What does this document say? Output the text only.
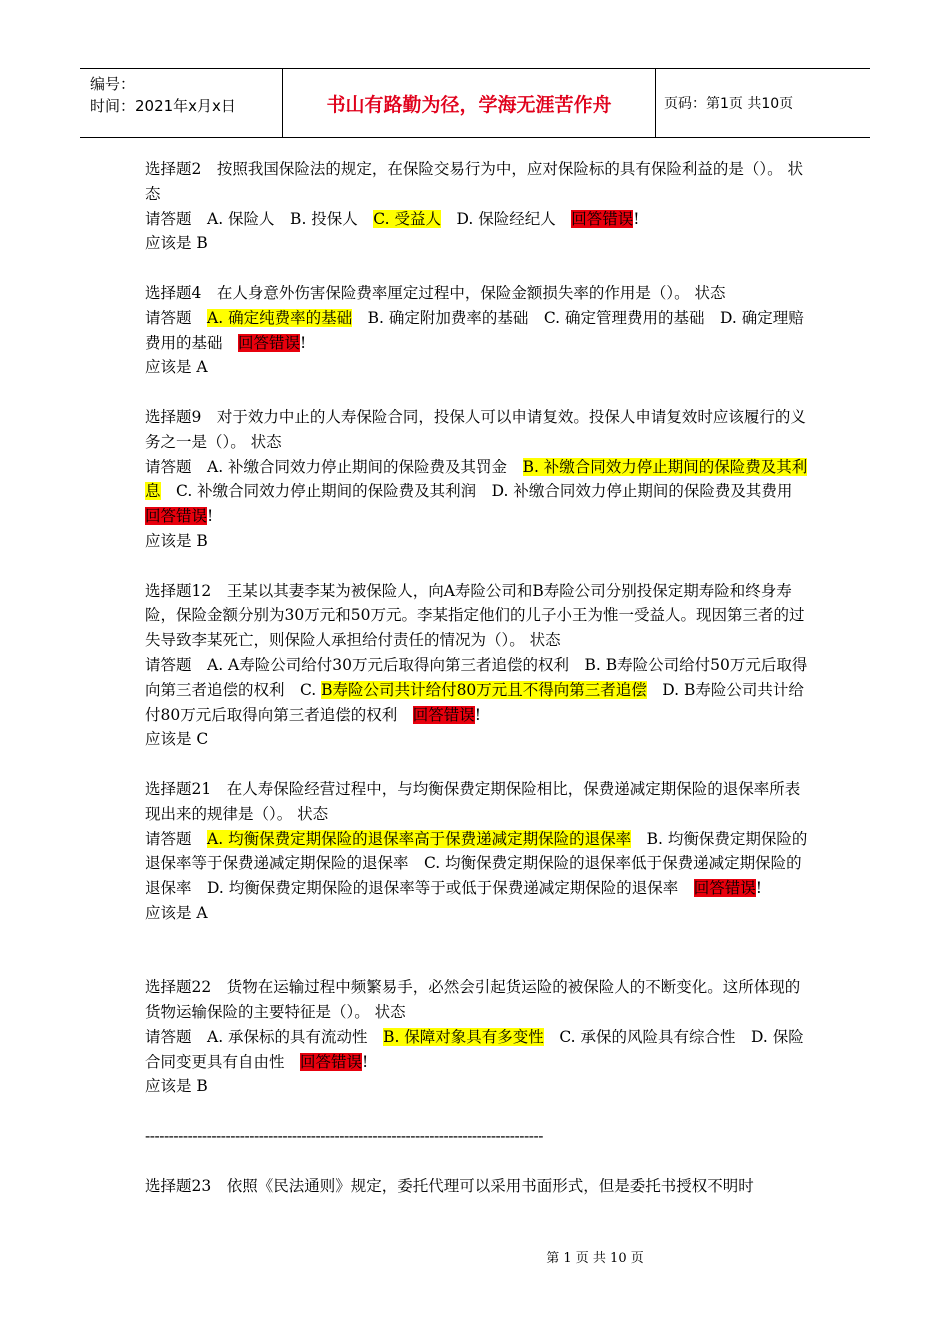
编号：
时间：2021年x月x日	书山有路勤为径，学海无涯苦作舟	页码：第1页 共10页
选择题2　按照我国保险法的规定，在保险交易行为中，应对保险标的具有保险利益的是（）。 状态
请答题　A. 保险人　B. 投保人　C. 受益人　D. 保险经纪人　回答错误!
应该是 B
选择题4　在人身意外伤害保险费率厘定过程中，保险金额损失率的作用是（）。 状态
请答题　A. 确定纯费率的基础　B. 确定附加费率的基础　C. 确定管理费用的基础　D. 确定理赔费用的基础　回答错误!
应该是 A
选择题9　对于效力中止的人寿保险合同，投保人可以申请复效。投保人申请复效时应该履行的义务之一是（）。 状态
请答题　A. 补缴合同效力停止期间的保险费及其罚金　B. 补缴合同效力停止期间的保险费及其利息　C. 补缴合同效力停止期间的保险费及其利润　D. 补缴合同效力停止期间的保险费及其费用　回答错误!
应该是 B
选择题12　王某以其妻李某为被保险人，向A寿险公司和B寿险公司分别投保定期寿险和终身寿险，保险金额分别为30万元和50万元。李某指定他们的儿子小王为惟一受益人。现因第三者的过失导致李某死亡，则保险人承担给付责任的情况为（）。 状态
请答题　A. A寿险公司给付30万元后取得向第三者追偿的权利　B. B寿险公司给付50万元后取得向第三者追偿的权利　C. B寿险公司共计给付80万元且不得向第三者追偿　D. B寿险公司共计给付80万元后取得向第三者追偿的权利　回答错误!
应该是 C
选择题21　在人寿保险经营过程中，与均衡保费定期保险相比，保费递减定期保险的退保率所表现出来的规律是（）。 状态
请答题　A. 均衡保费定期保险的退保率高于保费递减定期保险的退保率　B. 均衡保费定期保险的退保率等于保费递减定期保险的退保率　C. 均衡保费定期保险的退保率低于保费递减定期保险的退保率　D. 均衡保费定期保险的退保率等于或低于保费递减定期保险的退保率　回答错误!
应该是 A
选择题22　货物在运输过程中频繁易手，必然会引起货运险的被保险人的不断变化。这所体现的货物运输保险的主要特征是（）。 状态
请答题　A. 承保标的具有流动性　B. 保障对象具有多变性　C. 承保的风险具有综合性　D. 保险合同变更具有自由性　回答错误!
应该是 B
------------------------------------------------------------------------------------
选择题23　依照《民法通则》规定，委托代理可以采用书面形式，但是委托书授权不明时
第 1 页 共 10 页
